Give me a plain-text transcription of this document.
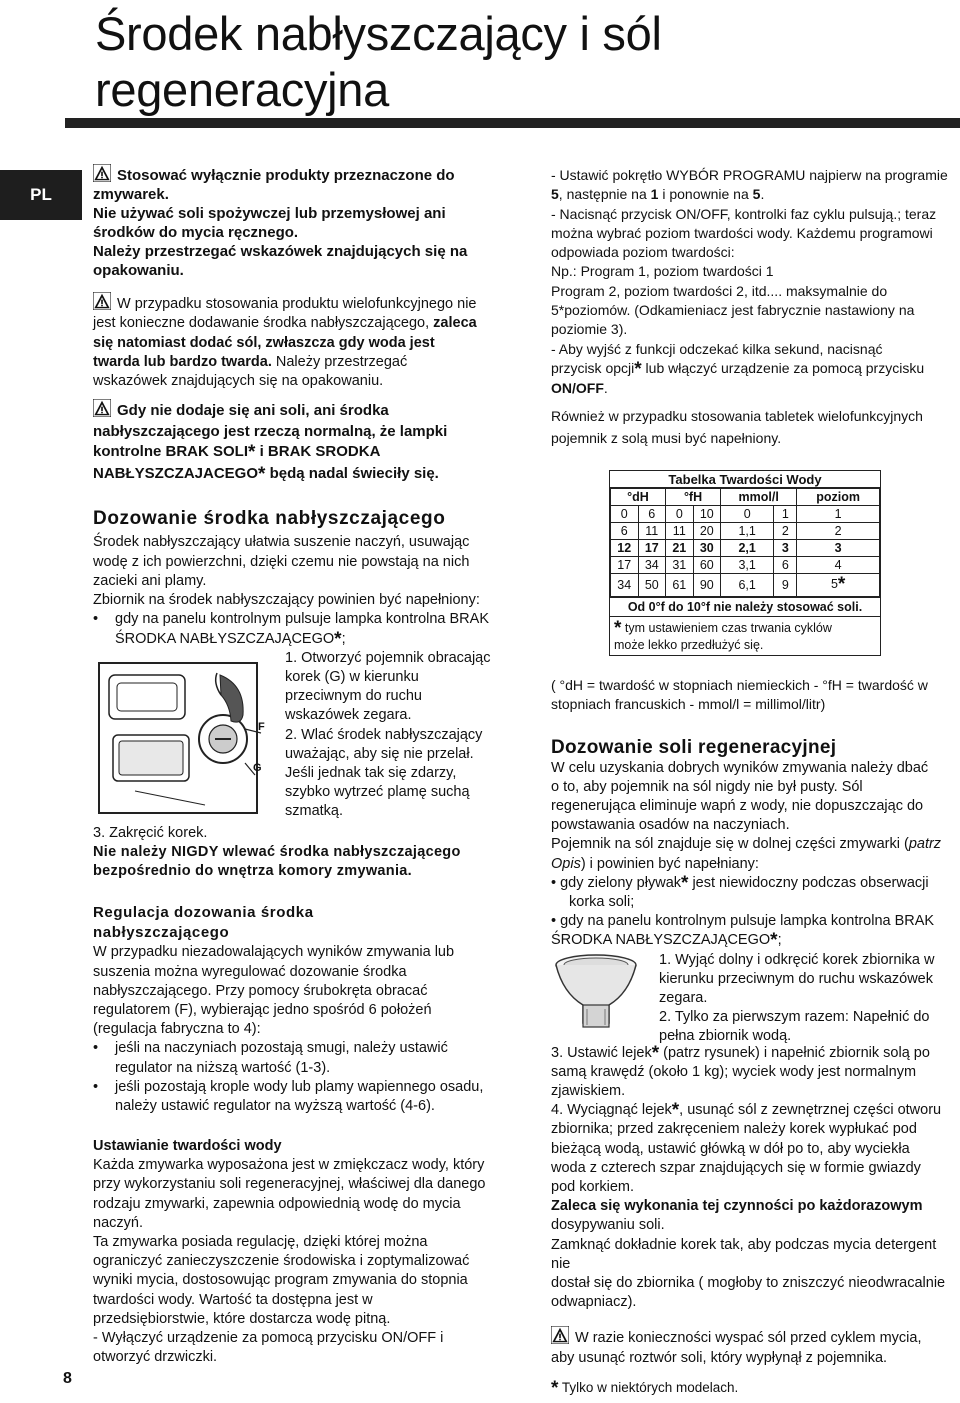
Środek nabłyszczający i sól
regeneracyjna
PL
8
Stosować wyłącznie produkty przeznaczone do
zmywarek.
Nie używać soli spożywczej lub przemysłowej ani
środków do mycia ręcznego.
Należy przestrzegać wskazówek znajdujących się na
opakowaniu.
W przypadku stosowania produktu wielofunkcyjnego nie
jest konieczne dodawanie środka nabłyszczającego, zaleca
się natomiast dodać sól, zwłaszcza gdy woda jest
twarda lub bardzo twarda. Należy przestrzegać
wskazówek znajdujących się na opakowaniu.
Gdy nie dodaje się ani soli, ani środka
nabłyszczającego jest rzeczą normalną, że lampki
kontrolne BRAK SOLI* i BRAK SRODKA
NABŁYSZCZAJACEGO* będą nadal świeciły się.
Dozowanie środka nabłyszczającego
Środek nabłyszczający ułatwia suszenie naczyń, usuwając
wodę z ich powierzchni, dzięki czemu nie powstają na nich
zacieki ani plamy.
Zbiornik na środek nabłyszczający powinien być napełniony:
• gdy na panelu kontrolnym pulsuje lampka kontrolna BRAK
ŚRODKA NABŁYSZCZAJĄCEGO*;
F
G
1. Otworzyć pojemnik obracając
korek (G) w kierunku
przeciwnym do ruchu
wskazówek zegara.
2. Wlać środek nabłyszczający
uważając, aby się nie przelał.
Jeśli jednak tak się zdarzy,
szybko wytrzeć plamę suchą
szmatką.
3. Zakręcić korek.
Nie należy NIGDY wlewać środka nabłyszczającego
bezpośrednio do wnętrza komory zmywania.
Regulacja dozowania środka
nabłyszczającego
W przypadku niezadowalających wyników zmywania lub
suszenia można wyregulować dozowanie środka
nabłyszczającego. Przy pomocy śrubokręta obracać
regulatorem (F), wybierając jedno spośród 6 położeń
(regulacja fabryczna to 4):
• jeśli na naczyniach pozostają smugi, należy ustawić
regulator na niższą wartość (1-3).
• jeśli pozostają krople wody lub plamy wapiennego osadu,
należy ustawić regulator na wyższą wartość (4-6).
Ustawianie twardości wody
Każda zmywarka wyposażona jest w zmiękczacz wody, który
przy wykorzystaniu soli regeneracyjnej, właściwej dla danego
rodzaju zmywarki, zapewnia odpowiednią wodę do mycia
naczyń.
Ta zmywarka posiada regulację, dzięki której można
ograniczyć zanieczyszczenie środowiska i zoptymalizować
wyniki mycia, dostosowując program zmywania do stopnia
twardości wody. Wartość ta dostępna jest w
przedsiębiorstwie, które dostarcza wodę pitną.
- Wyłączyć urządzenie za pomocą przycisku ON/OFF i
otworzyć drzwiczki.
- Ustawić pokrętło WYBÓR PROGRAMU najpierw na programie
5, następnie na 1 i ponownie na 5.
- Nacisnąć przycisk ON/OFF, kontrolki faz cyklu pulsują.; teraz
można wybrać poziom twardości wody. Każdemu programowi
odpowiada poziom twardości:
Np.: Program 1, poziom twardości 1
Program 2, poziom twardości 2, itd.... maksymalnie do
5*poziomów. (Odkamieniacz jest fabrycznie nastawiony na
poziomie 3).
- Aby wyjść z funkcji odczekać kilka sekund, nacisnąć
przycisk opcji* lub włączyć urządzenie za pomocą przycisku
ON/OFF.
Również w przypadku stosowania tabletek wielofunkcyjnych
pojemnik z solą musi być napełniony.
Tabelka Twardości Wody
°dH		°fH		mmol/l		poziom
0	6	0	10	0	1	1
6	11	11	20	1,1	2	2
12	17	21	30	2,1	3	3
17	34	31	60	3,1	6	4
34	50	61	90	6,1	9	5*
Od 0°f do 10°f nie należy stosować soli.
* tym ustawieniem czas trwania cyklów
może lekko przedłużyć się.
( °dH = twardość w stopniach niemieckich - °fH = twardość w
stopniach francuskich - mmol/l = millimol/litr)
Dozowanie soli regeneracyjnej
W celu uzyskania dobrych wyników zmywania należy dbać
o to, aby pojemnik na sól nigdy nie był pusty. Sól
regenerująca eliminuje wapń z wody, nie dopuszczając do
powstawania osadów na naczyniach.
Pojemnik na sól znajduje się w dolnej części zmywarki (patrz
Opis) i powinien być napełniany:
• gdy zielony pływak* jest niewidoczny podczas obserwacji
korka soli;
• gdy na panelu kontrolnym pulsuje lampka kontrolna BRAK
ŚRODKA NABŁYSZCZAJĄCEGO*;
1. Wyjąć dolny i odkręcić korek zbiornika w
kierunku przeciwnym do ruchu wskazówek
zegara.
2. Tylko za pierwszym razem: Napełnić do
pełna zbiornik wodą.
3. Ustawić lejek* (patrz rysunek) i napełnić zbiornik solą po
samą krawędź (około 1 kg); wyciek wody jest normalnym
zjawiskiem.
4. Wyciągnąć lejek*, usunąć sól z zewnętrznej części otworu
zbiornika; przed zakręceniem należy korek wypłukać pod
bieżącą wodą, ustawić główką w dół po to, aby wyciekła
woda z czterech szpar znajdujących się w formie gwiazdy
pod korkiem.
Zaleca się wykonania tej czynności po każdorazowym
dosypywaniu soli.
Zamknąć dokładnie korek tak, aby podczas mycia detergent nie
dostał się do zbiornika ( mogłoby to zniszczyć nieodwracalnie
odwapniacz).
W razie konieczności wyspać sól przed cyklem mycia,
aby usunąć roztwór soli, który wypłynął z pojemnika.
* Tylko w niektórych modelach.
